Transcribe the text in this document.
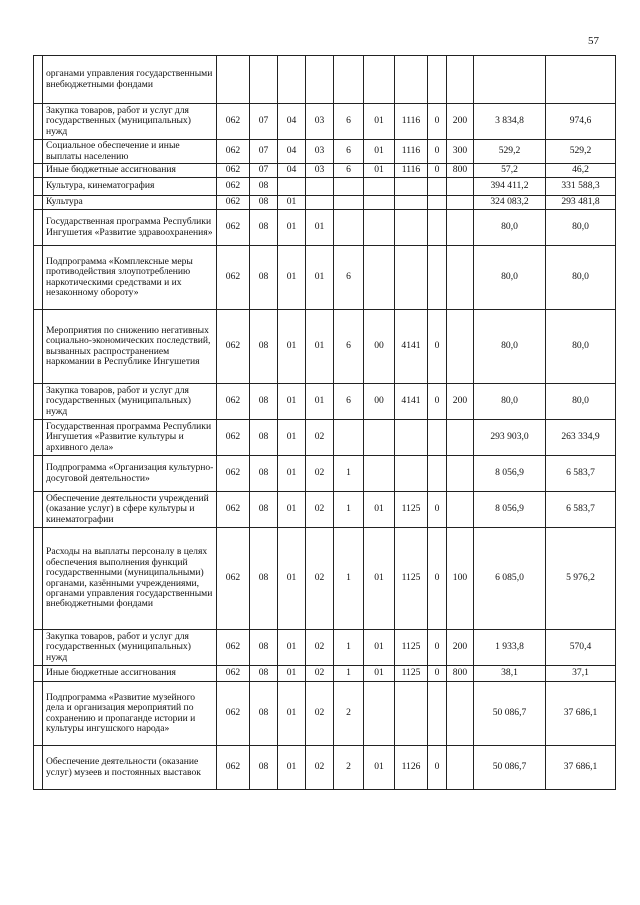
57
	органами управления государственными внебюджетными фондами											
	Закупка товаров, работ и услуг для государственных (муниципальных) нужд	062	07	04	03	6	01	1116	0	200	3 834,8	974,6
	Социальное обеспечение и иные выплаты населению	062	07	04	03	6	01	1116	0	300	529,2	529,2
	Иные бюджетные ассигнования	062	07	04	03	6	01	1116	0	800	57,2	46,2
	Культура, кинематография	062	08								394 411,2	331 588,3
	Культура	062	08	01							324 083,2	293 481,8
	Государственная программа Республики Ингушетия «Развитие здравоохранения»	062	08	01	01						80,0	80,0
	Подпрограмма «Комплексные меры противодействия злоупотреблению наркотическими средствами и их незаконному обороту»	062	08	01	01	6					80,0	80,0
	Мероприятия по снижению негативных социально-экономических последствий, вызванных распространением наркомании в Республике Ингушетия	062	08	01	01	6	00	4141	0		80,0	80,0
	Закупка товаров, работ и услуг для государственных (муниципальных) нужд	062	08	01	01	6	00	4141	0	200	80,0	80,0
	Государственная программа Республики Ингушетия «Развитие культуры и архивного дела»	062	08	01	02						293 903,0	263 334,9
	Подпрограмма «Организация культурно-досуговой деятельности»	062	08	01	02	1					8 056,9	6 583,7
	Обеспечение деятельности учреждений (оказание услуг) в сфере культуры и кинематографии	062	08	01	02	1	01	1125	0		8 056,9	6 583,7
	Расходы на выплаты персоналу в целях обеспечения выполнения функций государственными (муниципальными) органами, казёнными учреждениями, органами управления государственными внебюджетными фондами	062	08	01	02	1	01	1125	0	100	6 085,0	5 976,2
	Закупка товаров, работ и услуг для государственных (муниципальных) нужд	062	08	01	02	1	01	1125	0	200	1 933,8	570,4
	Иные бюджетные ассигнования	062	08	01	02	1	01	1125	0	800	38,1	37,1
	Подпрограмма «Развитие музейного дела и организация мероприятий по сохранению и пропаганде истории и культуры ингушского народа»	062	08	01	02	2					50 086,7	37 686,1
	Обеспечение деятельности (оказание услуг) музеев и постоянных выставок	062	08	01	02	2	01	1126	0		50 086,7	37 686,1
